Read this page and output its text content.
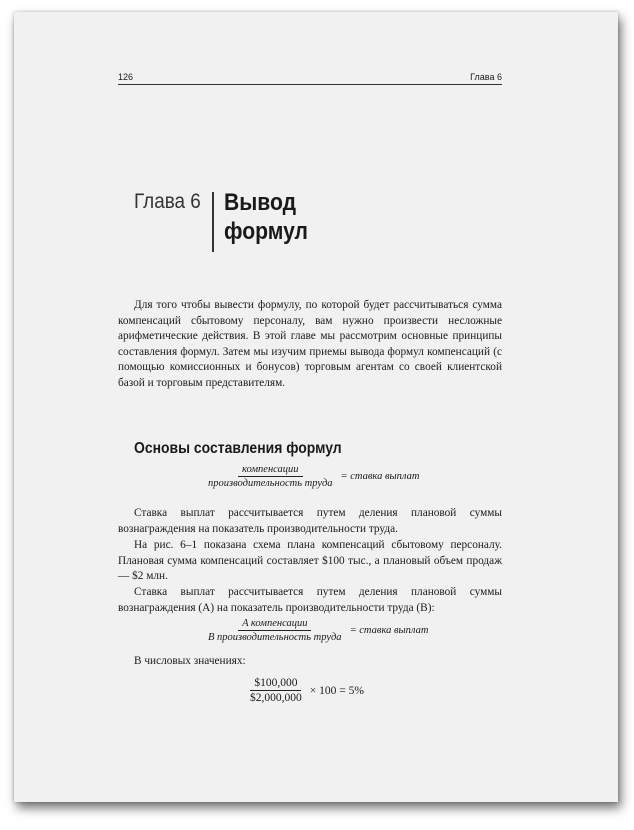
126	Глава 6
Глава 6 Вывод
формул

Для того чтобы вывести формулу, по которой будет рассчитываться сумма компенсаций сбытовому персоналу, вам нужно произвести несложные арифметические действия. В этой главе мы рассмотрим основные принципы составления формул. Затем мы изучим приемы вывода формул компенсаций (с помощью комиссионных и бонусов) торговым агентам со своей клиентской базой и торговым представителям.

Основы составления формул
$\frac{\text{компенсации}}{\text{производительность труда}}$ = ставка выплат

Ставка выплат рассчитывается путем деления плановой суммы вознаграждения на показатель производительности труда.

На рис. 6–1 показана схема плана компенсаций сбытовому персоналу. Плановая сумма компенсаций составляет $100 тыс., а плановый объем продаж — $2 млн.

Ставка выплат рассчитывается путем деления плановой суммы вознаграждения (A) на показатель производительности труда (B):

$\frac{\text{A компенсации}}{\text{B производительность труда}}$ = ставка выплат

В числовых значениях:

$\frac{\$100,000}{\$2,000,000} \times 100 = 5\%$
